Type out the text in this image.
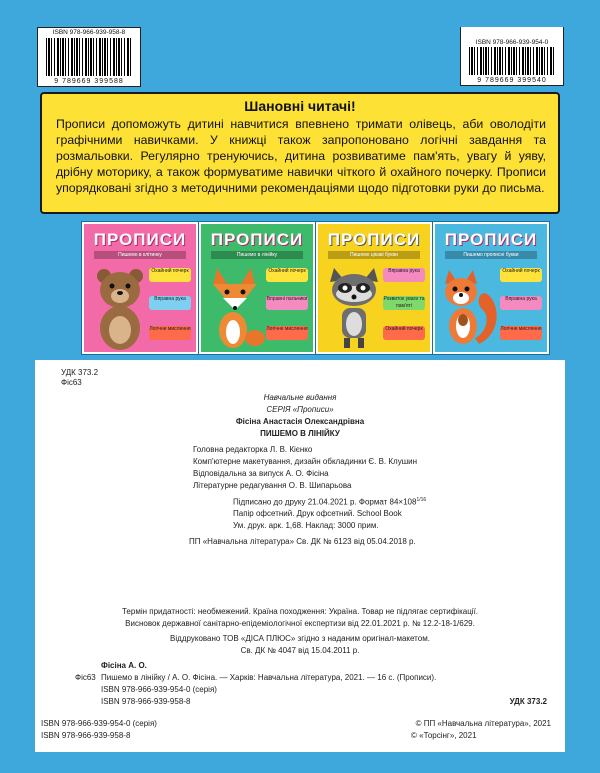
ISBN 978-966-939-958-8
9 789669 399588
ISBN 978-966-939-954-0
9 789669 399540
Шановні читачі!

Прописи допоможуть дитині навчитися впевнено тримати олівець, аби оволодіти графічними навичками. У книжці також запропоновано логічні завдання та розмальовки. Регулярно тренуючись, дитина розвиватиме пам'ять, увагу й уяву, дрібну моторику, а також формуватиме навички чіткого й охайного почерку. Прописи упорядковані згідно з методичними рекомендаціями щодо підготовки руки до письма.

ПРОПИСИ
Пишемо в клітинку
Охайний почерк
Вправна рука
Логічне мислення
ПРОПИСИ
Пишемо в лінійку
Охайний почерк
Вправні пальчики
Логічне мислення
ПРОПИСИ
Пишемо цікаві букви
Вправна рука
Розвиток уваги та пам'яті
Охайний почерк
ПРОПИСИ
Пишемо прописні букви
Охайний почерк
Вправна рука
Логічне мислення
УДК 373.2
Фіс63
Навчальне видання
СЕРІЯ «Прописи»
Фісіна Анастасія Олександрівна
ПИШЕМО В ЛІНІЙКУ
Головна редакторка Л. В. Кієнко
Комп'ютерне макетування, дизайн обкладинки Є. В. Клушин
Відповідальна за випуск А. О. Фісіна
Літературне редагування О. В. Шипарьова
Підписано до друку 21.04.2021 р. Формат $84\times 108^{1/16}$
Папір офсетний. Друк офсетний. School Book
Ум. друк. арк. 1,68. Наклад: 3000 прим.
ПП «Навчальна література» Св. ДК № 6123 від 05.04.2018 р.
Термін придатності: необмежений. Країна походження: Україна. Товар не підлягає сертифікації.
Висновок державної санітарно-епідеміологічної експертизи від 22.01.2021 р. № 12.2-18-1/629.
Віддруковано ТОВ «ДІСА ПЛЮС» згідно з наданим оригінал-макетом.
Св. ДК № 4047 від 15.04.2011 р.
Фісіна А. О.
Фіс63 Пишемо в лінійку / А. О. Фісіна. — Харків: Навчальна література, 2021. — 16 с. (Прописи).
ISBN 978-966-939-954-0 (серія)
ISBN 978-966-939-958-8	УДК 373.2
ISBN 978-966-939-954-0 (серія)
ISBN 978-966-939-958-8
© ПП «Навчальна література», 2021
© «Торсінг», 2021
